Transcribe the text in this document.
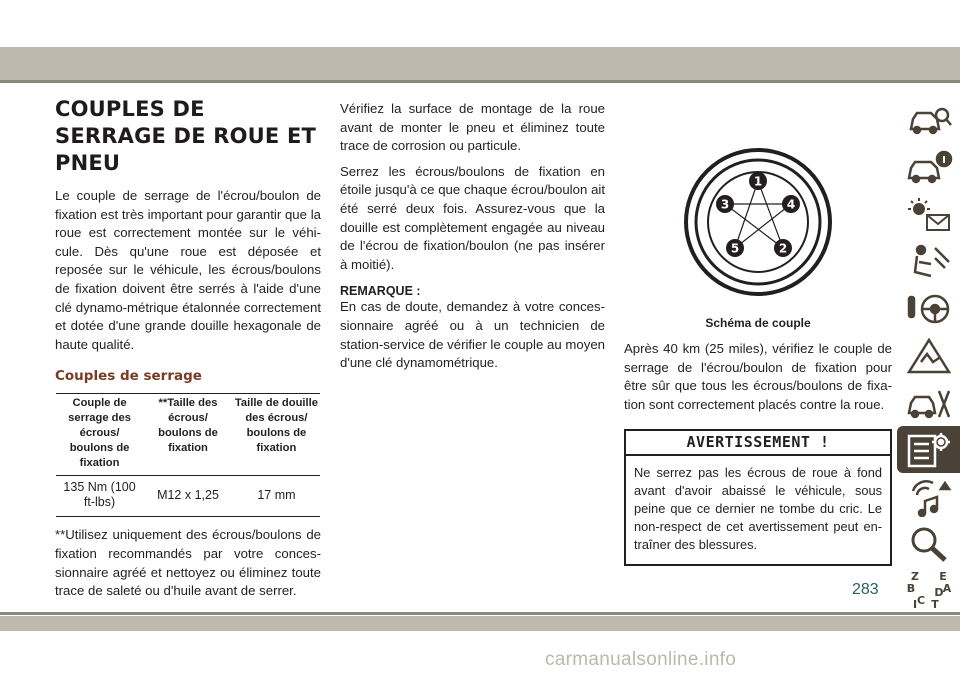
COUPLES DE SERRAGE DE ROUE ET PNEU

Le couple de serrage de l'écrou/boulon de fixation est très important pour garantir que la roue est correctement montée sur le véhi-cule. Dès qu'une roue est déposée et reposée sur le véhicule, les écrous/boulons de fixation doivent être serrés à l'aide d'une clé dynamo-métrique étalonnée correctement et dotée d'une grande douille hexagonale de haute qualité.

Couples de serrage
Couple de serrage des écrous/ boulons de fixation	**Taille des écrous/ boulons de fixation	Taille de douille des écrous/ boulons de fixation
135 Nm (100 ft-lbs)	M12 x 1,25	17 mm

**Utilisez uniquement des écrous/boulons de fixation recommandés par votre conces-sionnaire agréé et nettoyez ou éliminez toute trace de saleté ou d'huile avant de serrer.

Vérifiez la surface de montage de la roue avant de monter le pneu et éliminez toute trace de corrosion ou particule.

Serrez les écrous/boulons de fixation en étoile jusqu'à ce que chaque écrou/boulon ait été serré deux fois. Assurez-vous que la douille est complètement engagée au niveau de l'écrou de fixation/boulon (ne pas insérer à moitié).

REMARQUE :

En cas de doute, demandez à votre conces-sionnaire agréé ou à un technicien de station-service de vérifier le couple au moyen d'une clé dynamométrique.

1
2
3	4
5
Schéma de couple

Après 40 km (25 miles), vérifiez le couple de serrage de l'écrou/boulon de fixation pour être sûr que tous les écrous/boulons de fixa-tion sont correctement placés contre la roue.

AVERTISSEMENT !

Ne serrez pas les écrous de roue à fond avant d'avoir abaissé le véhicule, sous peine que ce dernier ne tombe du cric. Le non-respect de cet avertissement peut en-traîner des blessures.

Z E
B	A
D
C T
I
283
carmanualsonline.info
